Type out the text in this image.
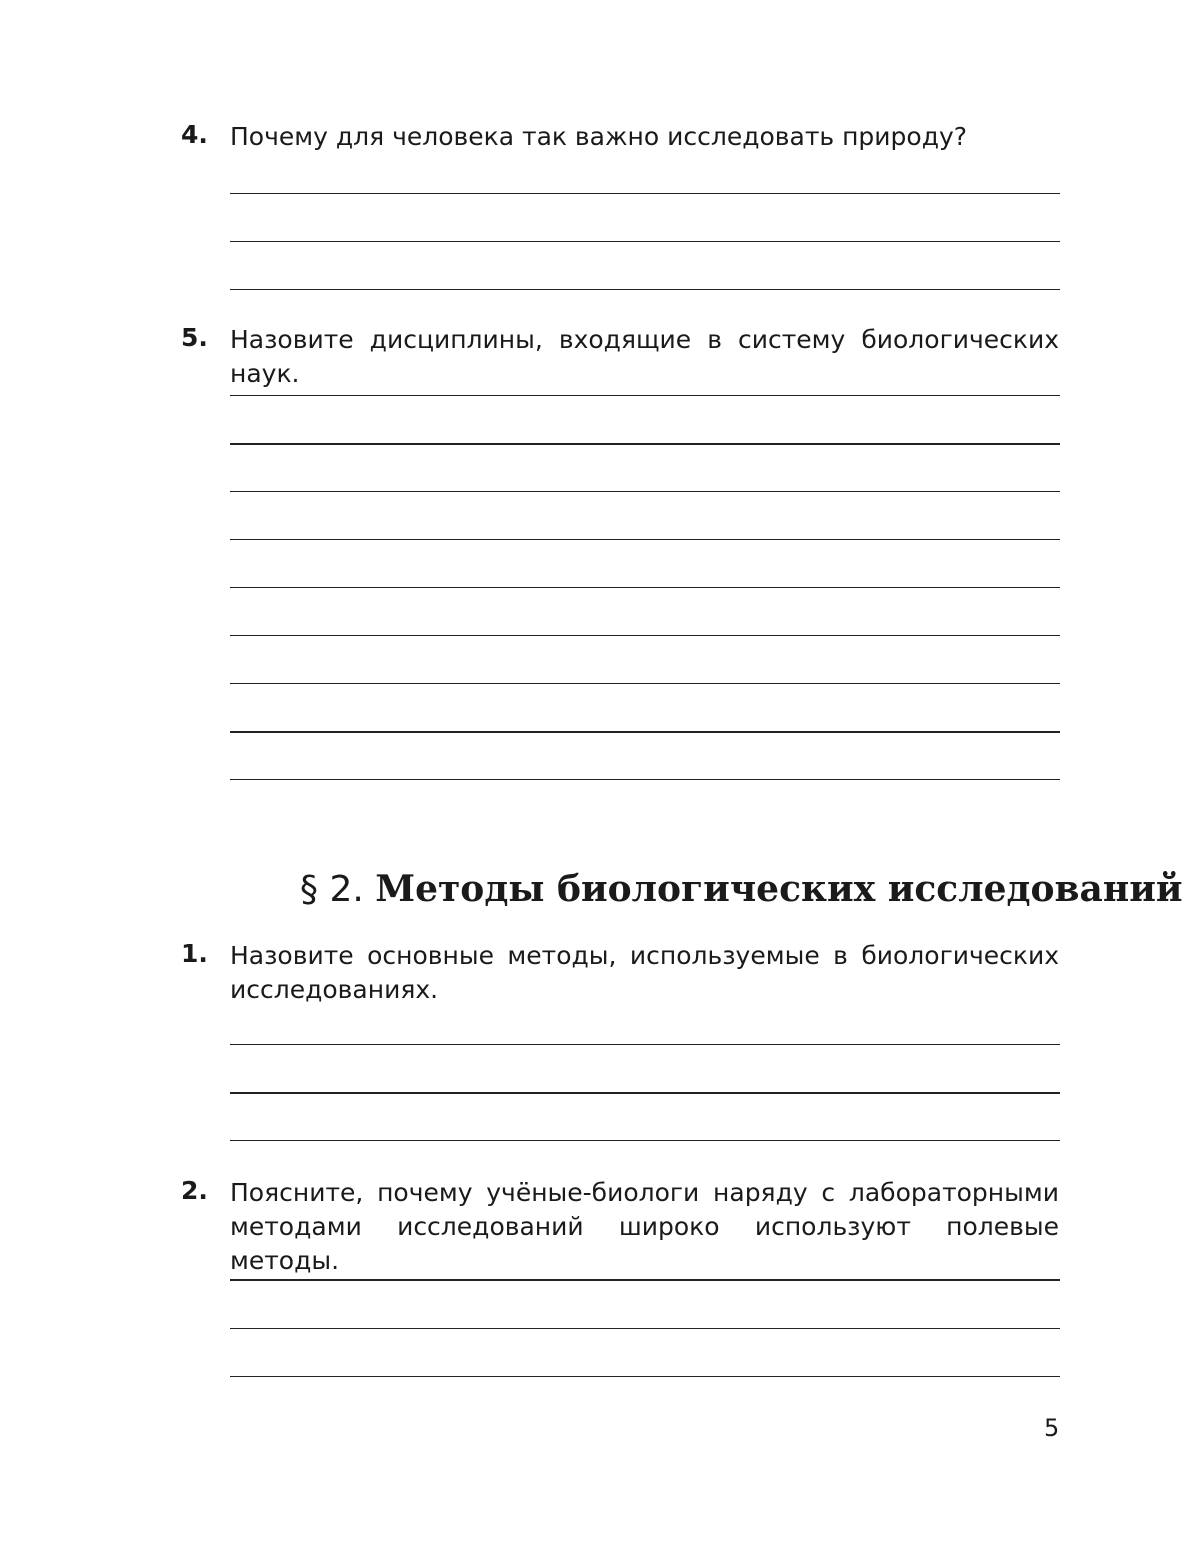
4. Почему для человека так важно исследовать природу?
5. Назовите дисциплины, входящие в систему биологических наук.
§ 2. Методы биологических исследований
1. Назовите основные методы, используемые в биологических исследованиях.
2. Поясните, почему учёные-биологи наряду с лабораторными методами исследований широко используют полевые методы.
5
